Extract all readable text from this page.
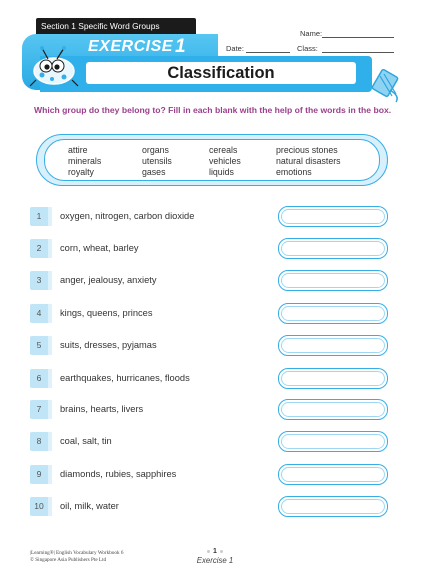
Section 1 Specific Word Groups
EXERCISE 1
Classification
Name:
Date:	Class:
Which group do they belong to? Fill in each blank with the help of the words in the box.
attire
minerals
royalty
organs
utensils
gases
cereals
vehicles
liquids
precious stones
natural disasters
emotions
1	oxygen, nitrogen, carbon dioxide
2	corn, wheat, barley
3	anger, jealousy, anxiety
4	kings, queens, princes
5	suits, dresses, pyjamas
6	earthquakes, hurricanes, floods
7	brains, hearts, livers
8	coal, salt, tin
9	diamonds, rubies, sapphires
10	oil, milk, water
|Learning®| English Vocabulary Workbook 6
© Singapore Asia Publishers Pte Ltd
1
Exercise 1
